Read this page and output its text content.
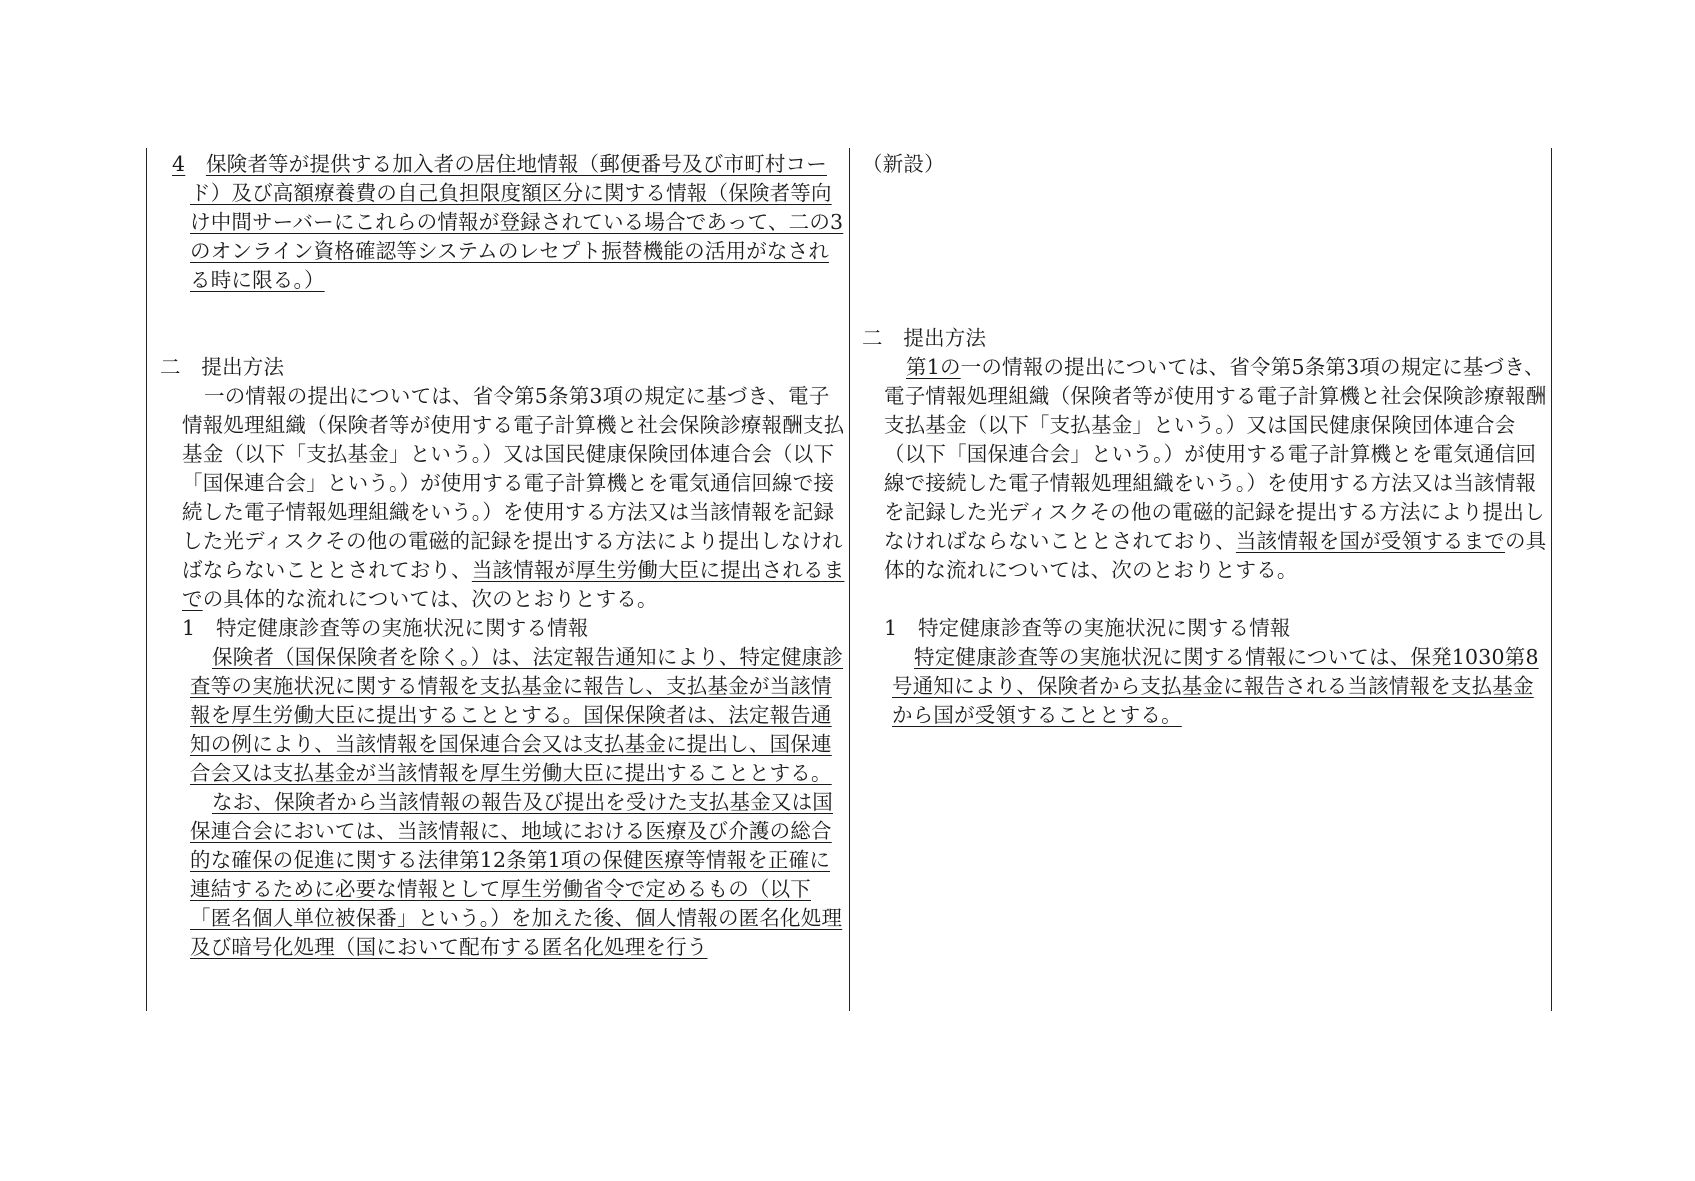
4　 保険者等が提供する加入者の居住地情報（郵便番号及び市町村コード）及び高額療養費の自己負担限度額区分に関する情報（保険者等向け中間サーバーにこれらの情報が登録されている場合であって、二の3のオンライン資格確認等システムのレセプト振替機能の活用がなされる時に限る。）

二　提出方法

一の情報の提出については、省令第5条第3項の規定に基づき、電子情報処理組織（保険者等が使用する電子計算機と社会保険診療報酬支払基金（以下「支払基金」という。）又は国民健康保険団体連合会（以下「国保連合会」という。）が使用する電子計算機とを電気通信回線で接続した電子情報処理組織をいう。）を使用する方法又は当該情報を記録した光ディスクその他の電磁的記録を提出する方法により提出しなければならないこととされており、当該情報が厚生労働大臣に提出されるまでの具体的な流れについては、次のとおりとする。

1　特定健康診査等の実施状況に関する情報

保険者（国保保険者を除く。）は、法定報告通知により、特定健康診査等の実施状況に関する情報を支払基金に報告し、支払基金が当該情報を厚生労働大臣に提出することとする。国保保険者は、法定報告通知の例により、当該情報を国保連合会又は支払基金に提出し、国保連合会又は支払基金が当該情報を厚生労働大臣に提出することとする。

なお、保険者から当該情報の報告及び提出を受けた支払基金又は国保連合会においては、当該情報に、地域における医療及び介護の総合的な確保の促進に関する法律第12条第1項の保健医療等情報を正確に連結するために必要な情報として厚生労働省令で定めるもの（以下「匿名個人単位被保番」という。）を加えた後、個人情報の匿名化処理及び暗号化処理（国において配布する匿名化処理を行う

（新設）

二　提出方法

第1の一の情報の提出については、省令第5条第3項の規定に基づき、電子情報処理組織（保険者等が使用する電子計算機と社会保険診療報酬支払基金（以下「支払基金」という。）又は国民健康保険団体連合会（以下「国保連合会」という。）が使用する電子計算機とを電気通信回線で接続した電子情報処理組織をいう。）を使用する方法又は当該情報を記録した光ディスクその他の電磁的記録を提出する方法により提出しなければならないこととされており、当該情報を国が受領するまでの具体的な流れについては、次のとおりとする。

1　特定健康診査等の実施状況に関する情報

特定健康診査等の実施状況に関する情報については、保発1030第8号通知により、保険者から支払基金に報告される当該情報を支払基金から国が受領することとする。
